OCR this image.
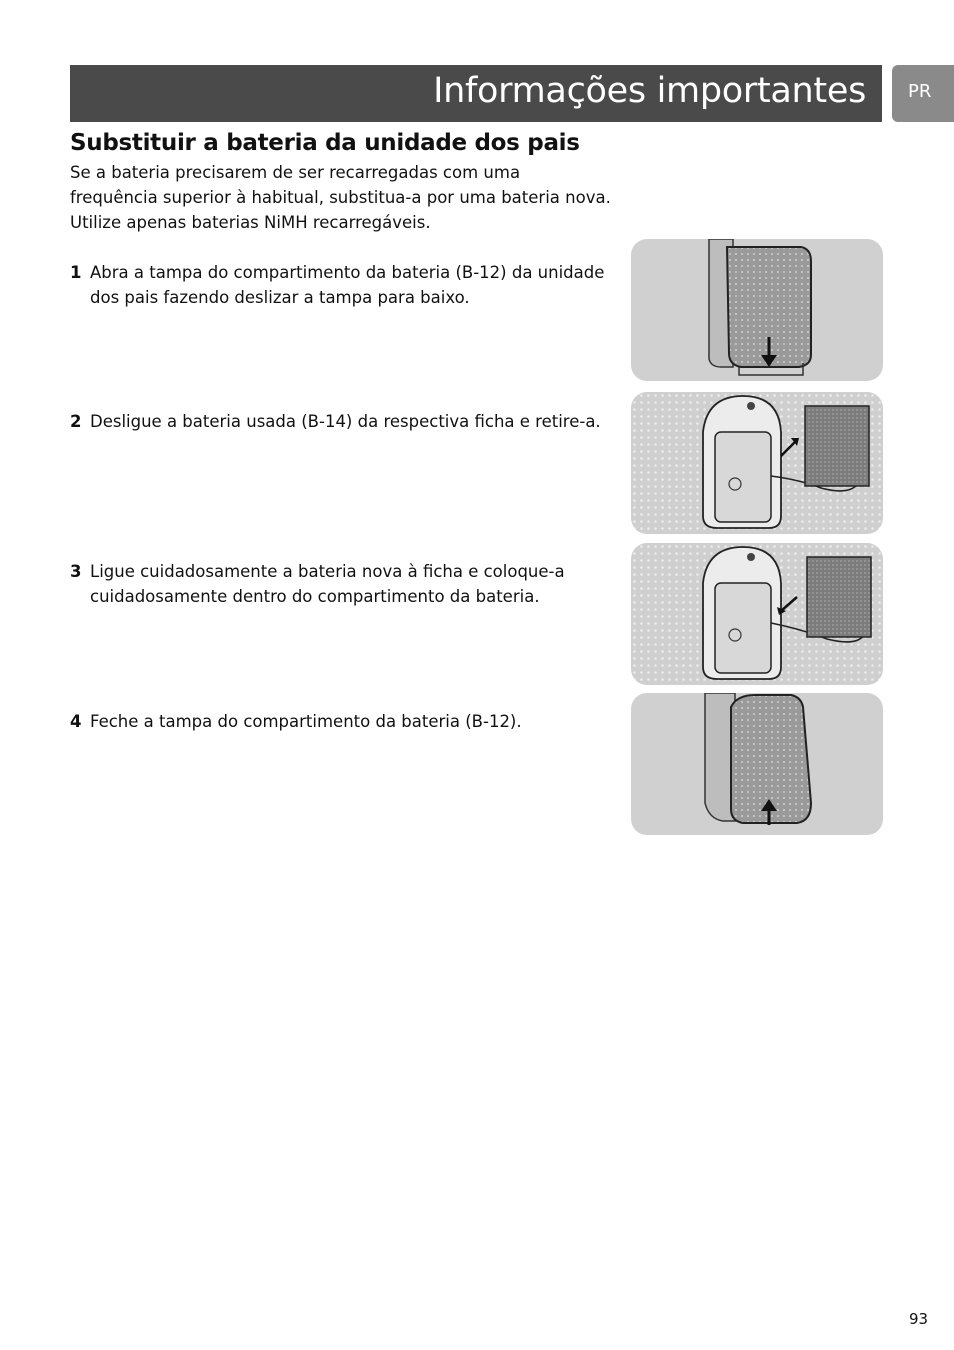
Informações importantes PR
Substituir a bateria da unidade dos pais
Se a bateria precisarem de ser recarregadas com uma
frequência superior à habitual, substitua-a por uma bateria nova.
Utilize apenas baterias NiMH recarregáveis.
1 Abra a tampa do compartimento da bateria (B-12) da unidade
dos pais fazendo deslizar a tampa para baixo.
2 Desligue a bateria usada (B-14) da respectiva ficha e retire-a.
3 Ligue cuidadosamente a bateria nova à ficha e coloque-a
cuidadosamente dentro do compartimento da bateria.
4 Feche a tampa do compartimento da bateria (B-12).
93
